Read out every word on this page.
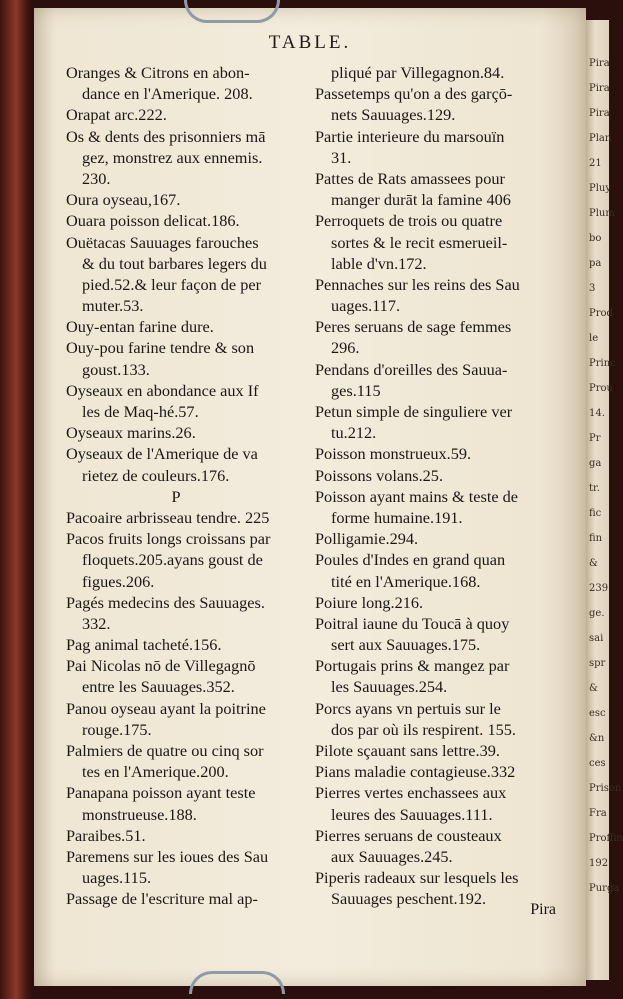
TABLE.
Oranges & Citrons en abon-
dance en l'Amerique. 208.
Orapat arc.222.
Os & dents des prisonniers mā
gez, monstrez aux ennemis.
230.
Oura oyseau,167.
Ouara poisson delicat.186.
Ouëtacas Sauuages farouches
& du tout barbares legers du
pied.52.& leur façon de per
muter.53.
Ouy-entan farine dure.
Ouy-pou farine tendre & son
goust.133.
Oyseaux en abondance aux If
les de Maq-hé.57.
Oyseaux marins.26.
Oyseaux de l'Amerique de va
rietez de couleurs.176.
P
Pacoaire arbrisseau tendre. 225
Pacos fruits longs croissans par
floquets.205.ayans goust de
figues.206.
Pagés medecins des Sauuages.
332.
Pag animal tacheté.156.
Pai Nicolas nō de Villegagnō
entre les Sauuages.352.
Panou oyseau ayant la poitrine
rouge.175.
Palmiers de quatre ou cinq sor
tes en l'Amerique.200.
Panapana poisson ayant teste
monstrueuse.188.
Paraibes.51.
Paremens sur les ioues des Sau
uages.115.
Passage de l'escriture mal ap-
pliqué par Villegagnon.84.
Passetemps qu'on a des garçō-
nets Sauuages.129.
Partie interieure du marsouïn
31.
Pattes de Rats amassees pour
manger durāt la famine 406
Perroquets de trois ou quatre
sortes & le recit esmerueil-
lable d'vn.172.
Pennaches sur les reins des Sau
uages.117.
Peres seruans de sage femmes
296.
Pendans d'oreilles des Sauua-
ges.115
Petun simple de singuliere ver
tu.212.
Poisson monstrueux.59.
Poissons volans.25.
Poisson ayant mains & teste de
forme humaine.191.
Polligamie.294.
Poules d'Indes en grand quan
tité en l'Amerique.168.
Poiure long.216.
Poitral iaune du Toucā à quoy
sert aux Sauuages.175.
Portugais prins & mangez par
les Sauuages.254.
Porcs ayans vn pertuis sur le
dos par où ils respirent. 155.
Pilote sçauant sans lettre.39.
Pians maladie contagieuse.332
Pierres vertes enchassees aux
leures des Sauuages.111.
Pierres seruans de cousteaux
aux Sauuages.245.
Piperis radeaux sur lesquels les
Sauuages peschent.192.
Pira
Pira
Pira
Pira
Plan
21
Pluy
Plum
bo
pa
3
Prod
le
Princ
Prou
14.
Pr
ga
tr.
fic
fin
&
239
ge.
sai
spr
&
esc
&n
ces
Prison
Fra
Proflin
192
Purga
